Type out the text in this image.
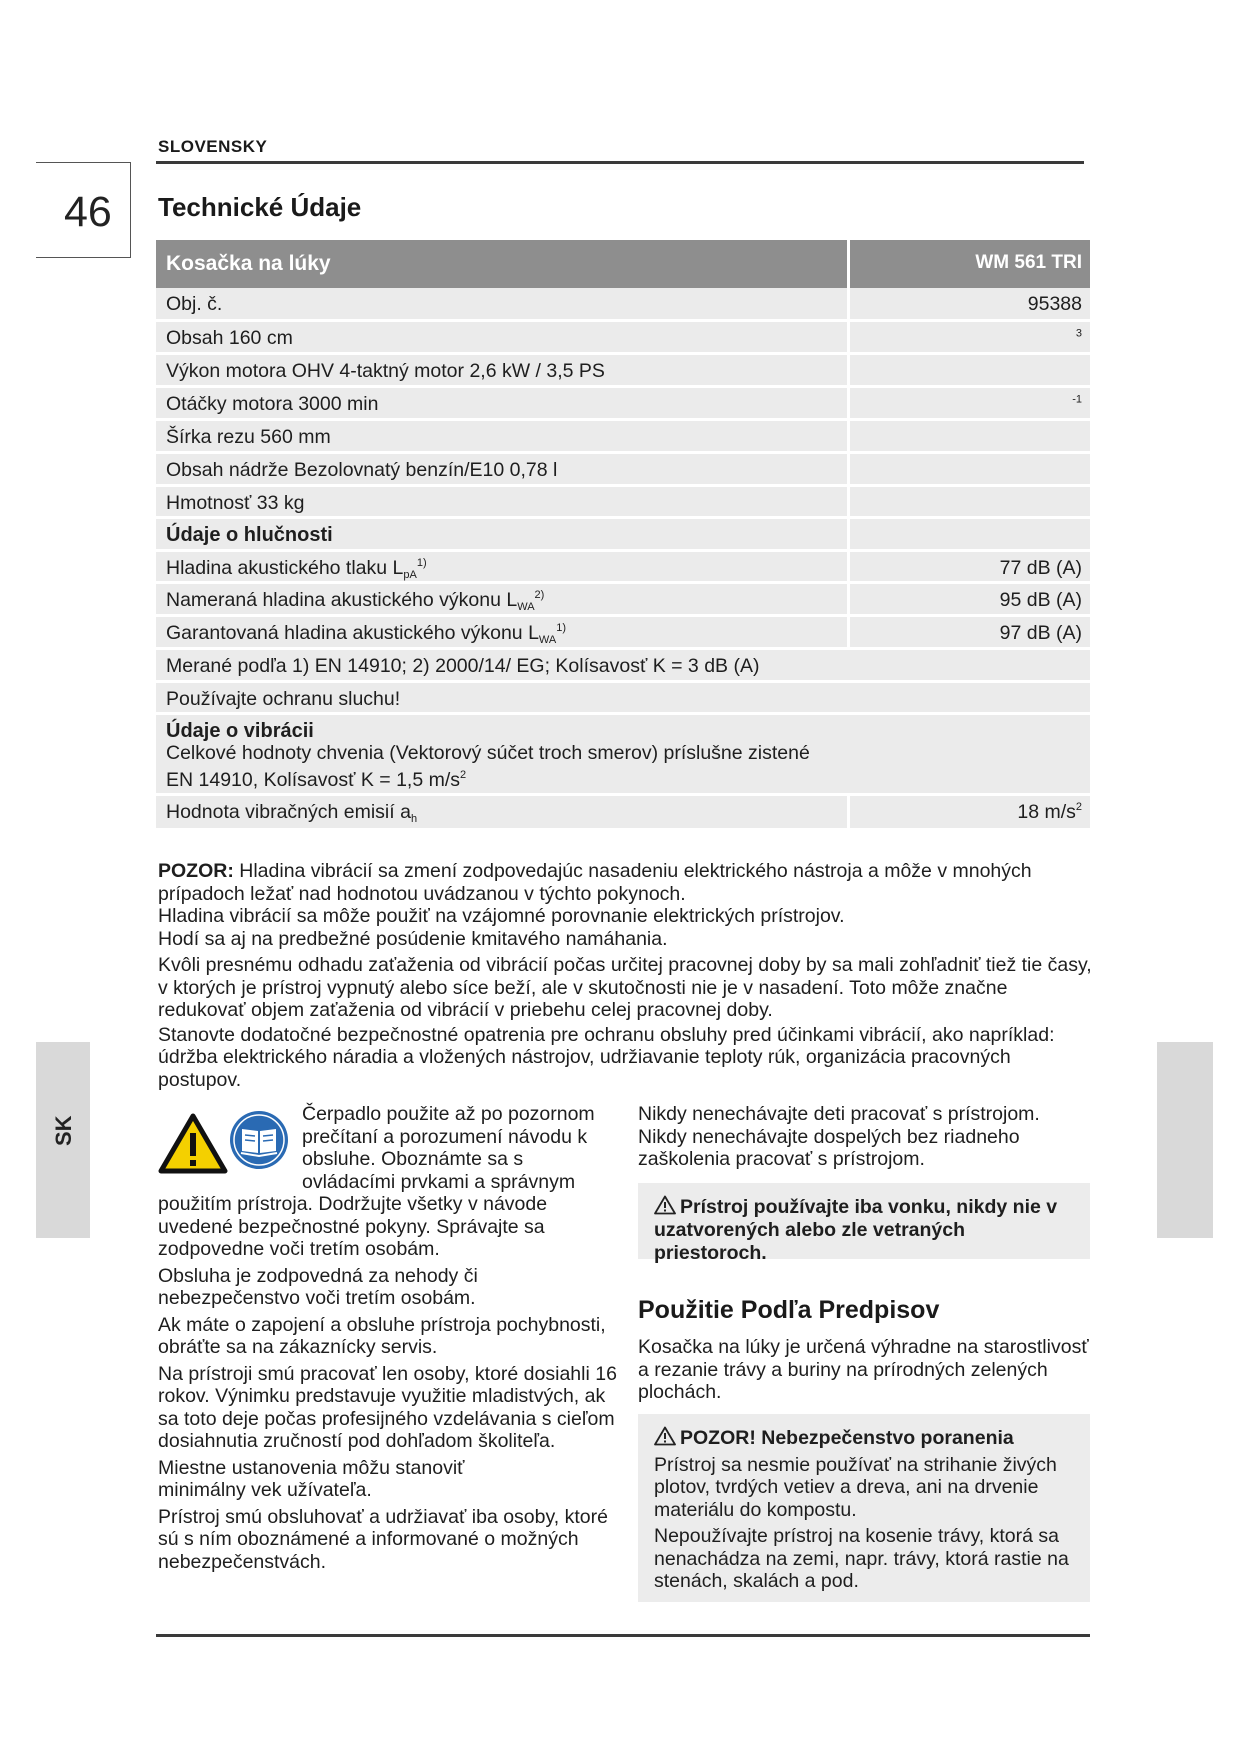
SLOVENSKY
46 Technické Údaje
Kosačka na lúky	WM 561 TRI
Obj. č.	95388
Obsah 160 cm	$^3$
Výkon motora OHV 4-taktný motor 2,6 kW / 3,5 PS
Otáčky motora 3000 min	$^{-1}$
Šírka rezu 560 mm
Obsah nádrže Bezolovnatý benzín/E10 0,78 l
Hmotnosť 33 kg
Údaje o hlučnosti
Hladina akustického tlaku $L_{pA}^{1)}$	77 dB (A)
Nameraná hladina akustického výkonu $L_{WA}^{2)}$	95 dB (A)
Garantovaná hladina akustického výkonu $L_{WA}^{1)}$	97 dB (A)
Merané podľa 1) EN 14910; 2) 2000/14/ EG; Kolísavosť K = 3 dB (A)
Používajte ochranu sluchu!
Údaje o vibrácii
Celkové hodnoty chvenia (Vektorový súčet troch smerov) príslušne zistené
EN 14910, Kolísavosť K = 1,5 $m/s^2$
Hodnota vibračných emisií $a_h$	18 $m/s^2$

POZOR: Hladina vibrácií sa zmení zodpovedajúc nasadeniu elektrického nástroja a môže v mnohých prípadoch ležať nad hodnotou uvádzanou v týchto pokynoch.

Hladina vibrácií sa môže použiť na vzájomné porovnanie elektrických prístrojov.

Hodí sa aj na predbežné posúdenie kmitavého namáhania.

Kvôli presnému odhadu zaťaženia od vibrácií počas určitej pracovnej doby by sa mali zohľadniť tiež tie časy, v ktorých je prístroj vypnutý alebo síce beží, ale v skutočnosti nie je v nasadení. Toto môže značne redukovať objem zaťaženia od vibrácií v priebehu celej pracovnej doby.

Stanovte dodatočné bezpečnostné opatrenia pre ochranu obsluhy pred účinkami vibrácií, ako napríklad: údržba elektrického náradia a vložených nástrojov, udržiavanie teploty rúk, organizácia pracovných postupov.

Čerpadlo použite až po pozornom prečítaní a porozumení návodu k obsluhe. Oboznámte sa s ovládacími prvkami a správnym použitím prístroja. Dodržujte všetky v návode uvedené bezpečnostné pokyny. Správajte sa zodpovedne voči tretím osobám.

Obsluha je zodpovedná za nehody či nebezpečenstvo voči tretím osobám.

Ak máte o zapojení a obsluhe prístroja pochybnosti, obráťte sa na zákaznícky servis.

Na prístroji smú pracovať len osoby, ktoré dosiahli 16 rokov. Výnimku predstavuje využitie mladistvých, ak sa toto deje počas profesijného vzdelávania s cieľom dosiahnutia zručností pod dohľadom školiteľa.

Miestne ustanovenia môžu stanoviť minimálny vek užívateľa.

Prístroj smú obsluhovať a udržiavať iba osoby, ktoré sú s ním oboznámené a informované o možných nebezpečenstvách.

Nikdy nenechávajte deti pracovať s prístrojom. Nikdy nenechávajte dospelých bez riadneho zaškolenia pracovať s prístrojom.

Prístroj používajte iba vonku, nikdy nie v uzatvorených alebo zle vetraných priestoroch.
Použitie Podľa Predpisov

Kosačka na lúky je určená výhradne na starostlivosť a rezanie trávy a buriny na prírodných zelených plochách.

POZOR! Nebezpečenstvo poranenia

Prístroj sa nesmie používať na strihanie živých plotov, tvrdých vetiev a dreva, ani na drvenie materiálu do kompostu.

Nepoužívajte prístroj na kosenie trávy, ktorá sa nenachádza na zemi, napr. trávy, ktorá rastie na stenách, skalách a pod.

SK
